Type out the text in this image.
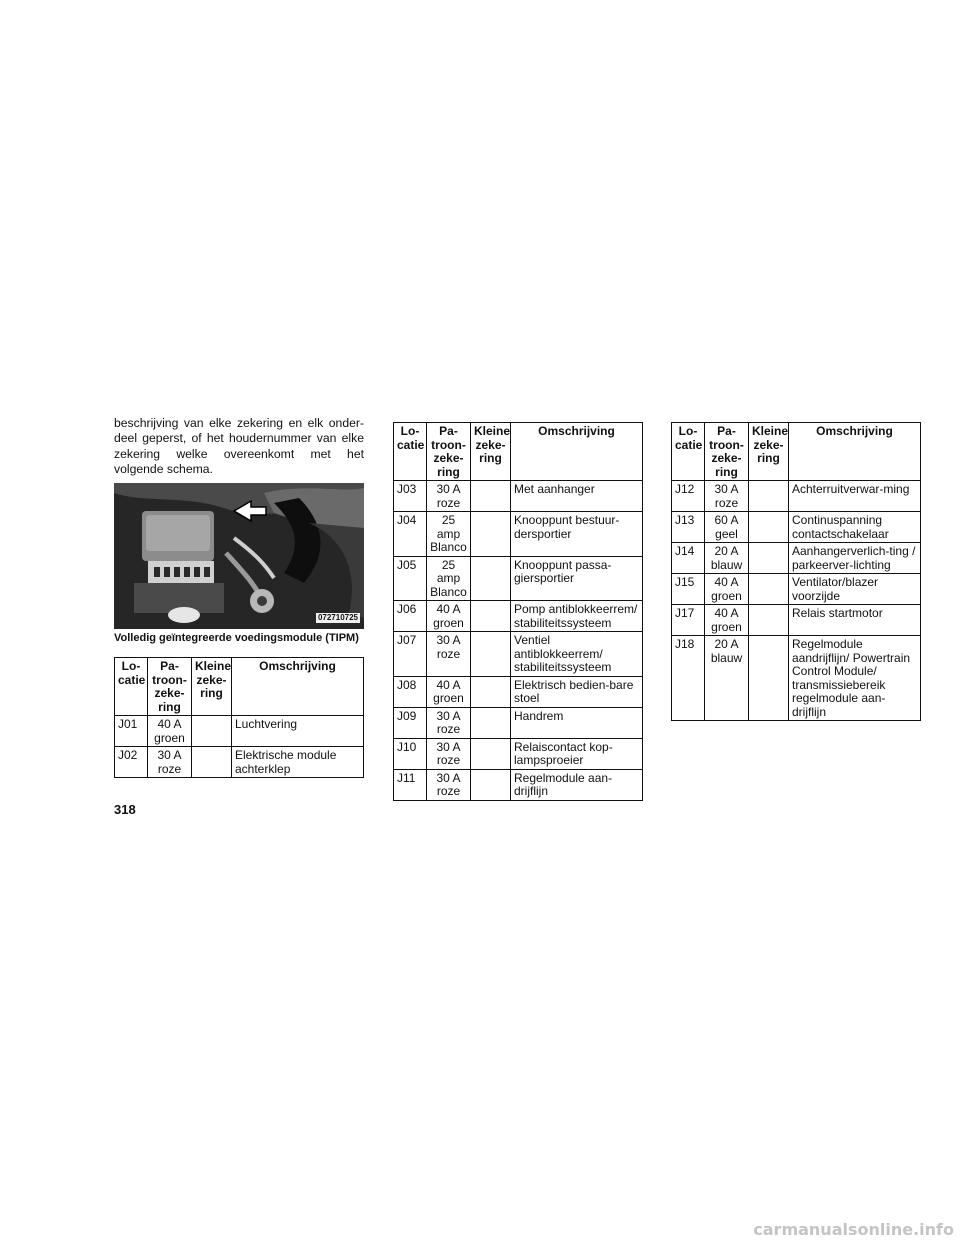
beschrijving van elke zekering en elk onder-deel geperst, of het houdernummer van elke zekering welke overeenkomt met het volgende schema.

072710725

Volledig geïntegreerde voedingsmodule (TIPM)

Lo-catie	Pa-troon-zeke-ring	Kleine zeke-ring	Omschrijving
J01	40 A groen		Luchtvering
J02	30 A roze		Elektrische module achterklep
Lo-catie	Pa-troon-zeke-ring	Kleine zeke-ring	Omschrijving
J03	30 A roze		Met aanhanger
J04	25 amp Blanco		Knooppunt bestuur-dersportier
J05	25 amp Blanco		Knooppunt passa-giersportier
J06	40 A groen		Pomp antiblokkeerrem/ stabiliteitssysteem
J07	30 A roze		Ventiel antiblokkeerrem/ stabiliteitssysteem
J08	40 A groen		Elektrisch bedien-bare stoel
J09	30 A roze		Handrem
J10	30 A roze		Relaiscontact kop-lampsproeier
J11	30 A roze		Regelmodule aan-drijflijn
Lo-catie	Pa-troon-zeke-ring	Kleine zeke-ring	Omschrijving
J12	30 A roze		Achterruitverwar-ming
J13	60 A geel		Continuspanning contactschakelaar
J14	20 A blauw		Aanhangerverlich-ting / parkeerver-lichting
J15	40 A groen		Ventilator/blazer voorzijde
J17	40 A groen		Relais startmotor
J18	20 A blauw		Regelmodule aandrijflijn/ Powertrain Control Module/ transmissiebereik regelmodule aan-drijflijn

318

carmanualsonline.info
